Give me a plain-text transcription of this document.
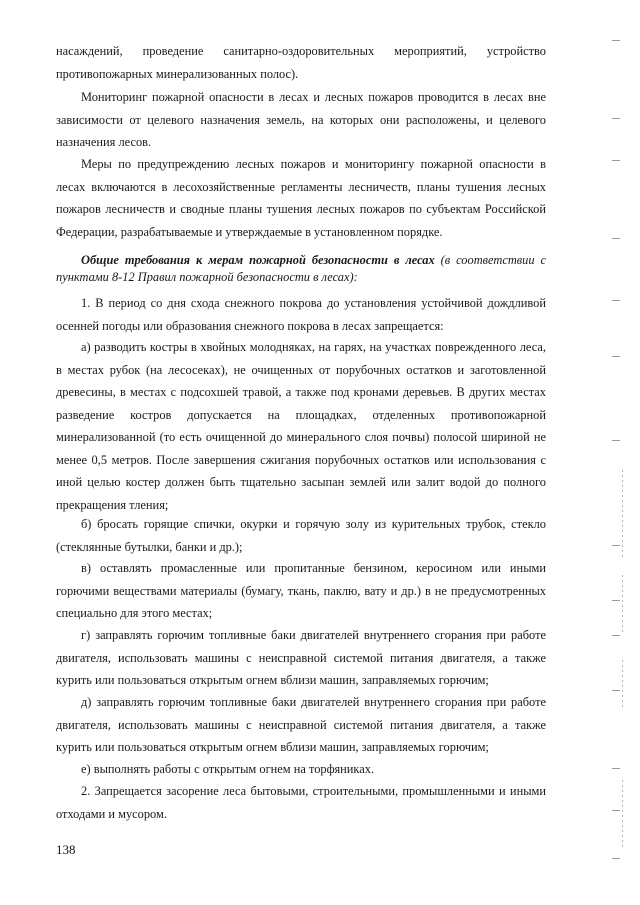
насаждений, проведение санитарно-оздоровительных мероприятий, устройство противопожарных минерализованных полос).

Мониторинг пожарной опасности в лесах и лесных пожаров проводится в лесах вне зависимости от целевого назначения земель, на которых они расположены, и целевого назначения лесов.

Меры по предупреждению лесных пожаров и мониторингу пожарной опасности в лесах включаются в лесохозяйственные регламенты лесничеств, планы тушения лесных пожаров лесничеств и сводные планы тушения лесных пожаров по субъектам Российской Федерации, разрабатываемые и утверждаемые в установленном порядке.

Общие требования к мерам пожарной безопасности в лесах (в соответствии с пунктами 8-12 Правил пожарной безопасности в лесах):

1. В период со дня схода снежного покрова до установления устойчивой дождливой осенней погоды или образования снежного покрова в лесах запрещается:

а) разводить костры в хвойных молодняках, на гарях, на участках поврежденного леса, в местах рубок (на лесосеках), не очищенных от порубочных остатков и заготовленной древесины, в местах с подсохшей травой, а также под кронами деревьев. В других местах разведение костров допускается на площадках, отделенных противопожарной минерализованной (то есть очищенной до минерального слоя почвы) полосой шириной не менее 0,5 метров. После завершения сжигания порубочных остатков или использования с иной целью костер должен быть тщательно засыпан землей или залит водой до полного прекращения тления;

б) бросать горящие спички, окурки и горячую золу из курительных трубок, стекло (стеклянные бутылки, банки и др.);

в) оставлять промасленные или пропитанные бензином, керосином или иными горючими веществами материалы (бумагу, ткань, паклю, вату и др.) в не предусмотренных специально для этого местах;

г) заправлять горючим топливные баки двигателей внутреннего сгорания при работе двигателя, использовать машины с неисправной системой питания двигателя, а также курить или пользоваться открытым огнем вблизи машин, заправляемых горючим;

д) заправлять горючим топливные баки двигателей внутреннего сгорания при работе двигателя, использовать машины с неисправной системой питания двигателя, а также курить или пользоваться открытым огнем вблизи машин, заправляемых горючим;

е) выполнять работы с открытым огнем на торфяниках.

2. Запрещается засорение леса бытовыми, строительными, промышленными и иными отходами и мусором.

138
